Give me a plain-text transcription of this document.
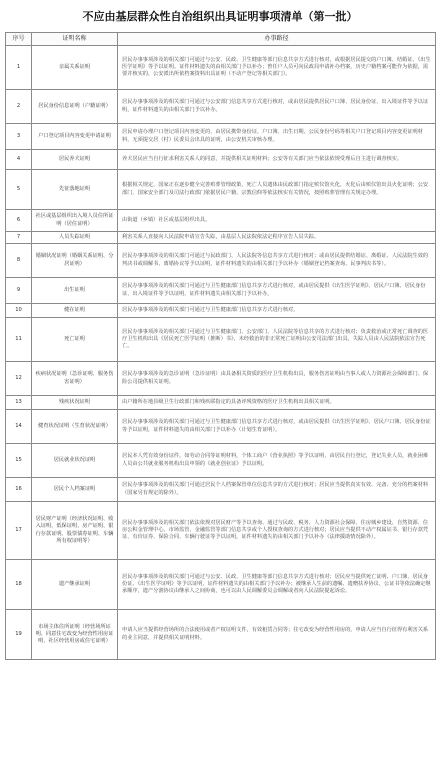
不应由基层群众性自治组织出具证明事项清单（第一批）
序号	证明名称	办事路径
1	亲属关系证明	居民办事事项涉及的相关部门可通过与公安、民政、卫生健康等部门信息共享方式进行核对，或根据居民提交的户口簿、结婚证、《出生医学证明》等予以证明。证件材料遗失的由相关部门予以补办；曾任户人员可向民政局申请补办档案，历史户籍档案可能作为依据，需要并核实的，公安派出所依档案资料出具证明（不动产登记等相关部门）。
2	居民身份信息证明（户籍证明）	居民办事事项涉及的相关部门可通过与公安部门信息共享方式进行核对，或由居民提供居民户口簿、居民身份证、出入境证件等予以证明，证件材料遗失的由相关部门予以补办。
3	户口登记项目内容变更申请证明	居民申请办理户口登记项目内容变更的，由居民携带身份证、户口簿、出生日期、公民身份号码等相关户口登记项目内容变更证明材料，无须提交居（村）民委员会出具的证明，由公安机关审核办理。
4	居民养犬证明	养犬居民应当自行征求利害关系人的同意，并提供相关证明材料；公安等有关部门应当依法依规受理后自主进行调查核实。
5	先征落地证明	根据相关规定，国家正在逐步健全完善殡葬管理政策，死亡人员遗体由民政部门指定殡仪馆火化，火化后由殡仪馆出具火化证明；公安部门、国家安全部门及司法行政部门依据居民户籍、宗教信仰等依法核实有关情况，按照殡葬管理有关规定办理。
6	社区或基层组织出入境人员住所证明（居住证明）	由街道（乡镇）社区或基层组织出具。
7	人员失踪证明	利害关系人直接向人民法院申请宣告失踪，由基层人民法院依法定程序宣告人员失踪。
8	婚姻状况证明（婚姻关系证明、分居证明）	居民办事事项涉及的相关部门可通过与民政部门、人民法院等信息共享方式进行核对；或由居民提供结婚证、离婚证、人民法院生效的判决书或调解书、离婚协议等予以证明，证件材料遗失的由相关部门予以补办（婚姻登记档案查询、民事判决书等）。
9	出生证明	居民办事事项涉及的相关部门可通过与卫生健康部门信息共享方式进行核对，或由居民提供《出生医学证明》、居民户口簿、居民身份证、出入境证件等予以证明，证件材料遗失由相关部门予以补办。
10	健在证明	居民办事事项涉及的相关部门可通过与卫生健康部门信息共享方式进行核对。
11	死亡证明	居民办事事项涉及的相关部门可通过与卫生健康部门、公安部门、人民法院等信息共享的方式进行核对；负责救治或正常死亡调查的医疗卫生机构出具《居民死亡医学证明（推断）书》，未经救治的非正常死亡证明由公安司法部门出具，失踪人员由人民法院依法宣告死亡。
12	疾病状况证明（急诊证明、服务伤害证明）	居民办事事项涉及的急诊证明（急诊证明）由具备相关资质的医疗卫生机构出具，服务伤害证明由当事人或人力资源社会保障部门、保险公司提供相关证明。
13	残疾状况证明	由户籍所在地县级卫生行政部门和残疾联指定的具备评残资格的医疗卫生机构出具相关证明。
14	健育状况证明（生育状况证明）	居民办事事项涉及的相关部门可通过与卫生健康部门信息共享方式进行核对，或由居民提供《出生医学证明》、居民户口簿、居民身份证等予以证明，证件材料遗失的由相关部门予以补办（计划生育证明）。
15	居民就业状况证明	居民本人凭有效身份证件，如劳动合同等证明材料，个体工商户《营业执照》等予以证明，由居民自行登记，登记失业人员，就业困难人员由公共就业服务机构出具申领的《就业创业证》予以证明。
16	居民个人档案证明	居民办事事项涉及的相关部门可通过居民个人档案保管单位信息共享的方式进行核对；居民应当提供真实有效、完备、充分的档案材料（国家另有规定的除外）。
17	居民财产证明（经济状况证明、收入证明、低保证明、房产证明、银行存款证明、股票债券证明、车辆所有权证明等）	居民办事事项涉及的相关部门依法依规对居民财产等予以查询、通过与民政、税务、人力资源社会保障、住房城乡建设、自然资源、住房公积金管理中心、市场监管、金融监管等部门信息共享或个人授权查询的方式进行核对；居民应当提供不动产权属证书、银行存款凭证、有价证券、保险合同、车辆行驶证等予以证明，证件材料遗失的由相关部门予以补办（法律援助情况除外）。
18	遗产继承证明	居民办事事项涉及的相关部门可通过与公安、民政、卫生健康等部门信息共享方式进行核对；居民应当提供死亡证明、户口簿、居民身份证、《出生医学证明》等予以证明，证件材料遗失的由相关部门予以补办；被继承人生前的遗嘱、遗赠扶养协议、公证书等依法确定继承顺序，遗产分割协议由继承人之间协商，也可以由人民调解委员会调解或者向人民法院提起诉讼。
19	市场主体住所证明（经营场所证明、同意住宅改变为经营性用房证明、社区经营用房或住宅证明）	申请人应当提供经营场所的合法使用或者产权证明文件，有效租赁合同等；住宅改变为经营性用房的，申请人应当自行征得有利害关系的业主同意，并提供相关证明材料。
